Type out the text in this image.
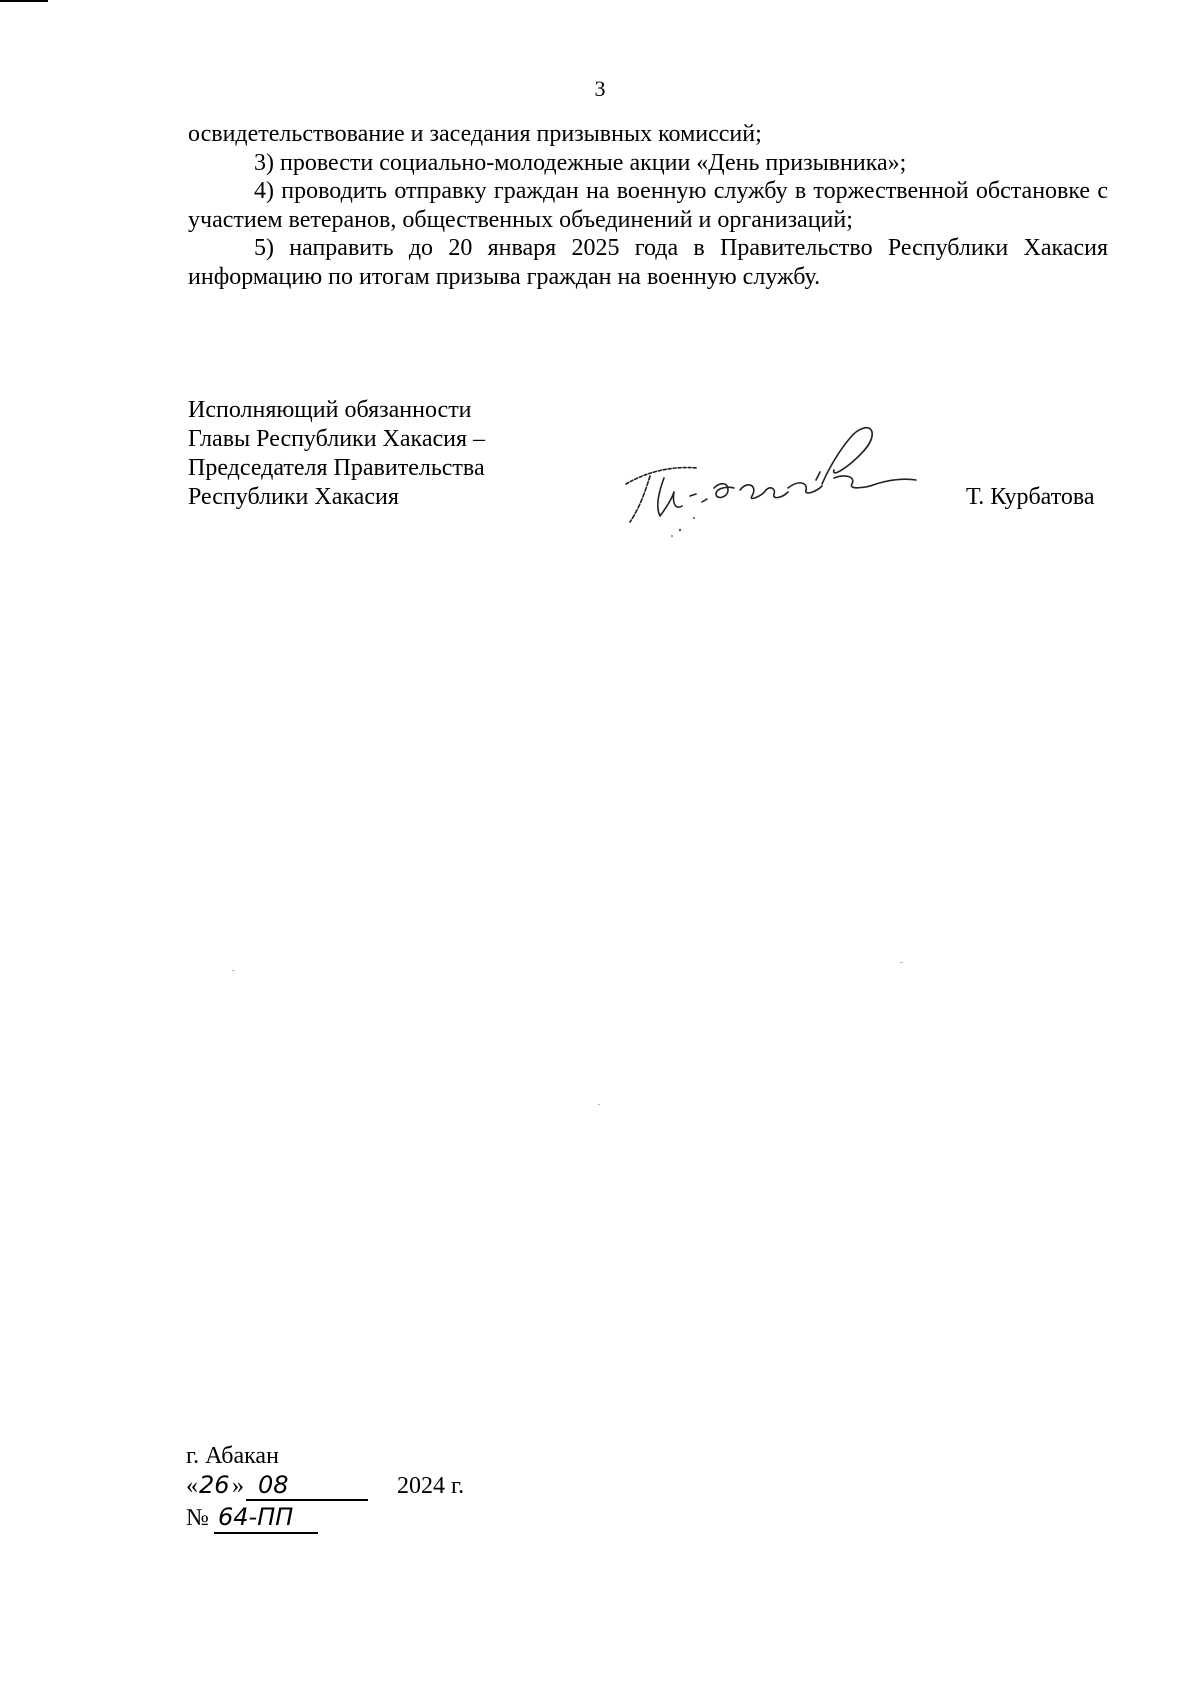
3

освидетельствование и заседания призывных комиссий;

3) провести социально-молодежные акции «День призывника»;

4) проводить отправку граждан на военную службу в торжественной обстановке с участием ветеранов, общественных объединений и организаций;

5) направить до 20 января 2025 года в Правительство Республики Хакасия информацию по итогам призыва граждан на военную службу.

Исполняющий обязанности
Главы Республики Хакасия –
Председателя Правительства
Республики Хакасия	Т. Курбатова
г. Абакан
« 26 » 08	2024 г.
№ 64-ПП
